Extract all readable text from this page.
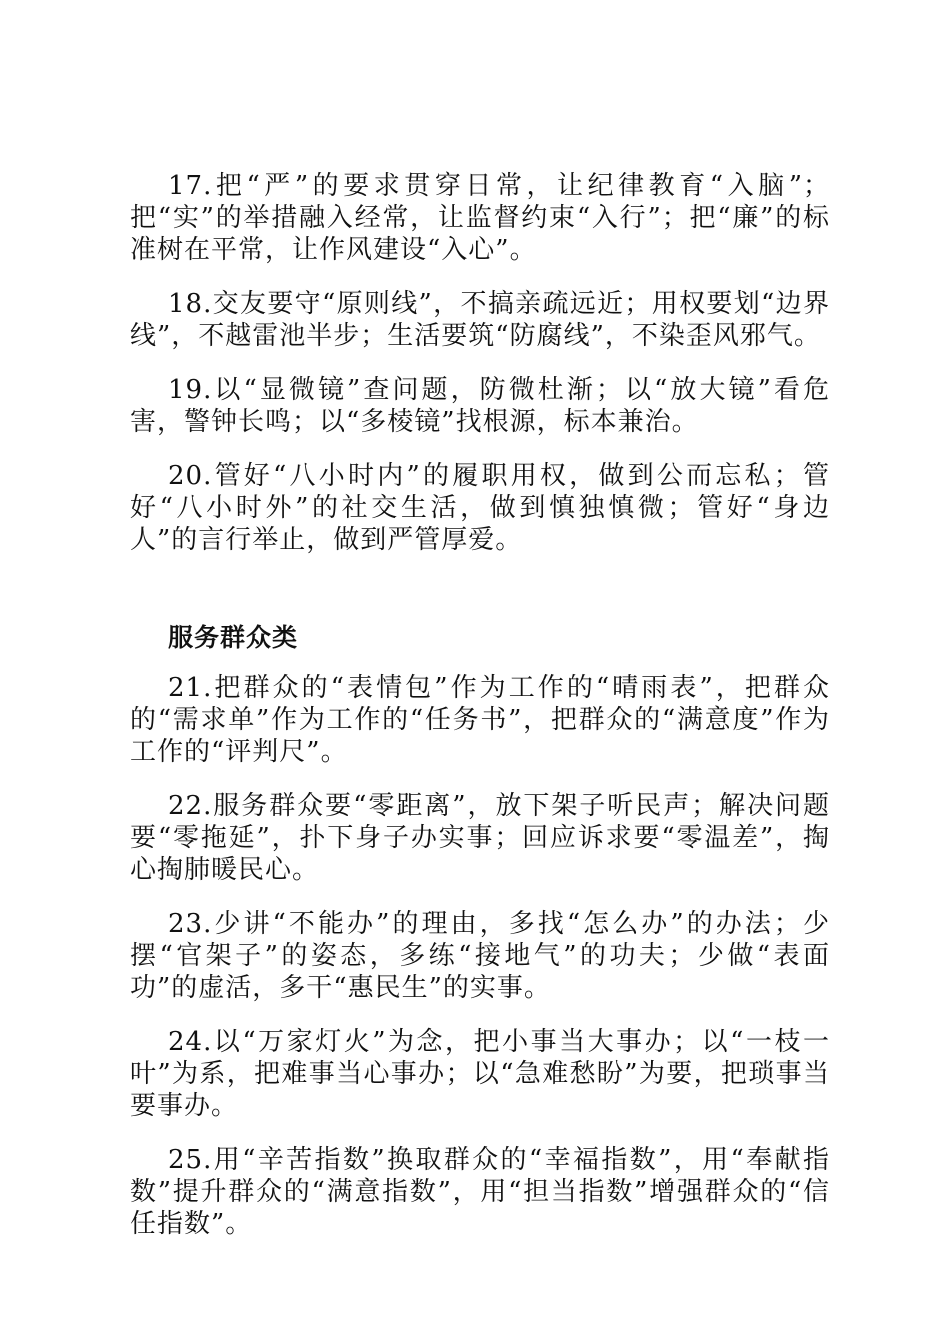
17.把“严”的要求贯穿日常，让纪律教育“入脑”；把“实”的举措融入经常，让监督约束“入行”；把“廉”的标准树在平常，让作风建设“入心”。

18.交友要守“原则线”，不搞亲疏远近；用权要划“边界线”，不越雷池半步；生活要筑“防腐线”，不染歪风邪气。

19.以“显微镜”查问题，防微杜渐；以“放大镜”看危害，警钟长鸣；以“多棱镜”找根源，标本兼治。

20.管好“八小时内”的履职用权，做到公而忘私；管好“八小时外”的社交生活，做到慎独慎微；管好“身边人”的言行举止，做到严管厚爱。

服务群众类

21.把群众的“表情包”作为工作的“晴雨表”，把群众的“需求单”作为工作的“任务书”，把群众的“满意度”作为工作的“评判尺”。

22.服务群众要“零距离”，放下架子听民声；解决问题要“零拖延”，扑下身子办实事；回应诉求要“零温差”，掏心掏肺暖民心。

23.少讲“不能办”的理由，多找“怎么办”的办法；少摆“官架子”的姿态，多练“接地气”的功夫；少做“表面功”的虚活，多干“惠民生”的实事。

24.以“万家灯火”为念，把小事当大事办；以“一枝一叶”为系，把难事当心事办；以“急难愁盼”为要，把琐事当要事办。

25.用“辛苦指数”换取群众的“幸福指数”，用“奉献指数”提升群众的“满意指数”，用“担当指数”增强群众的“信任指数”。
